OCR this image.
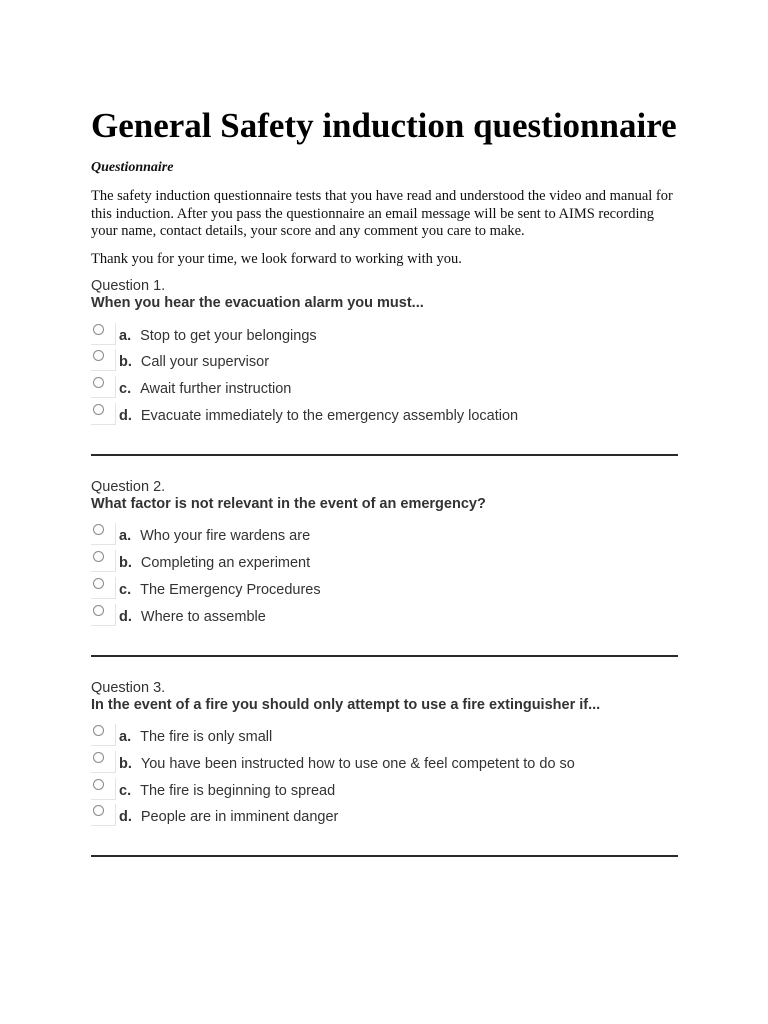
General Safety induction questionnaire
Questionnaire

The safety induction questionnaire tests that you have read and understood the video and manual for this induction. After you pass the questionnaire an email message will be sent to AIMS recording your name, contact details, your score and any comment you care to make.

Thank you for your time, we look forward to working with you.

Question 1.
When you hear the evacuation alarm you must...
a. Stop to get your belongings
b. Call your supervisor
c. Await further instruction
d. Evacuate immediately to the emergency assembly location
Question 2.
What factor is not relevant in the event of an emergency?
a. Who your fire wardens are
b. Completing an experiment
c. The Emergency Procedures
d. Where to assemble
Question 3.
In the event of a fire you should only attempt to use a fire extinguisher if...
a. The fire is only small
b. You have been instructed how to use one & feel competent to do so
c. The fire is beginning to spread
d. People are in imminent danger
